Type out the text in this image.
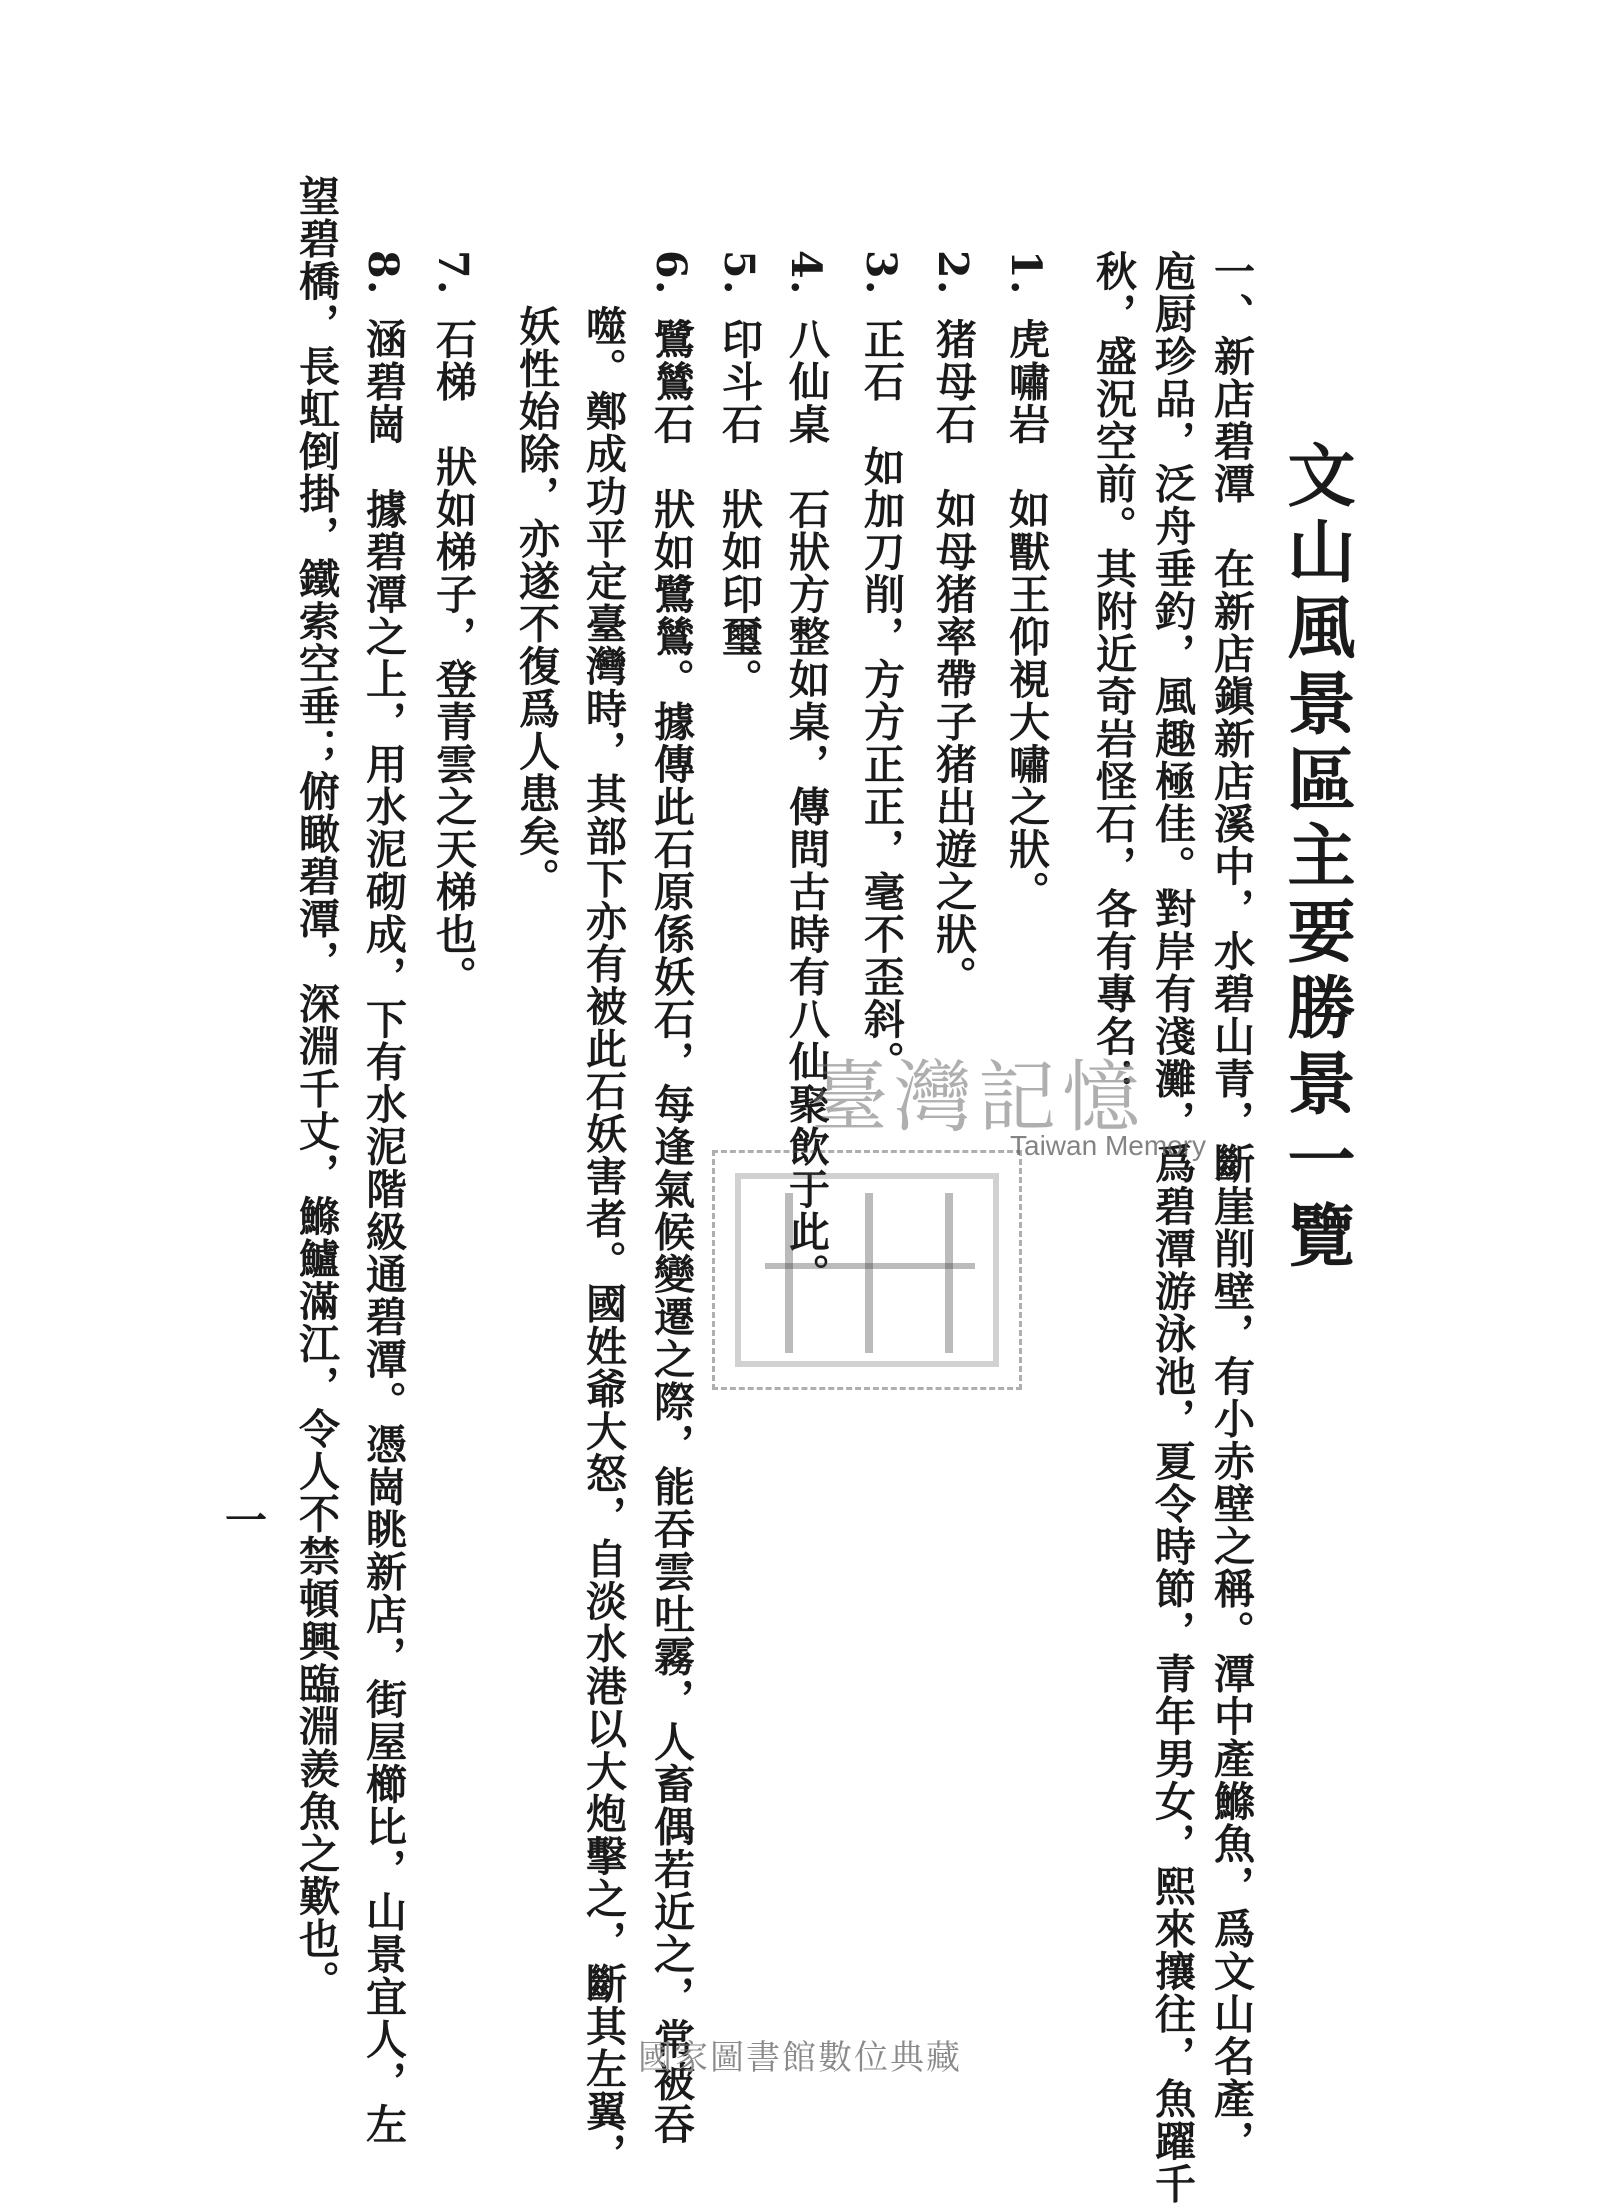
文山風景區主要勝景一覽
一、新店碧潭　在新店鎭新店溪中，水碧山青，斷崖削壁，有小赤壁之稱。潭中產鰷魚，爲文山名產，
庖厨珍品，泛舟垂釣，風趣極佳。對岸有淺灘，爲碧潭游泳池，夏令時節，青年男女，熙來攘往，魚躍千
秋，盛況空前。其附近奇岩怪石，各有專名：
1.虎嘯岩　如獸王仰視大嘯之狀。
2.猪母石　如母猪率帶子猪出遊之狀。
3.正石　如加刀削，方方正正，毫不歪斜。
4.八仙桌　石狀方整如桌，傳問古時有八仙聚飲于此。
5.印斗石　狀如印璽。
6.鷺鷥石　狀如鷺鷥。據傳此石原係妖石，每逢氣候變遷之際，能吞雲吐霧，人畜偶若近之，常被吞
噬。鄭成功平定臺灣時，其部下亦有被此石妖害者。國姓爺大怒，自淡水港以大炮擊之，斷其左翼，
妖性始除，亦遂不復爲人患矣。
7.石梯　狀如梯子，登青雲之天梯也。
8.涵碧崗　據碧潭之上，用水泥砌成，下有水泥階級通碧潭。憑崗眺新店，街屋櫛比，山景宜人，左
望碧橋，長虹倒掛，鐵索空垂；俯瞰碧潭，深淵千丈，鰷鱸滿江，令人不禁頓興臨淵羨魚之歎也。
一
臺灣記憶
Taiwan Memory
國家圖書館數位典藏
